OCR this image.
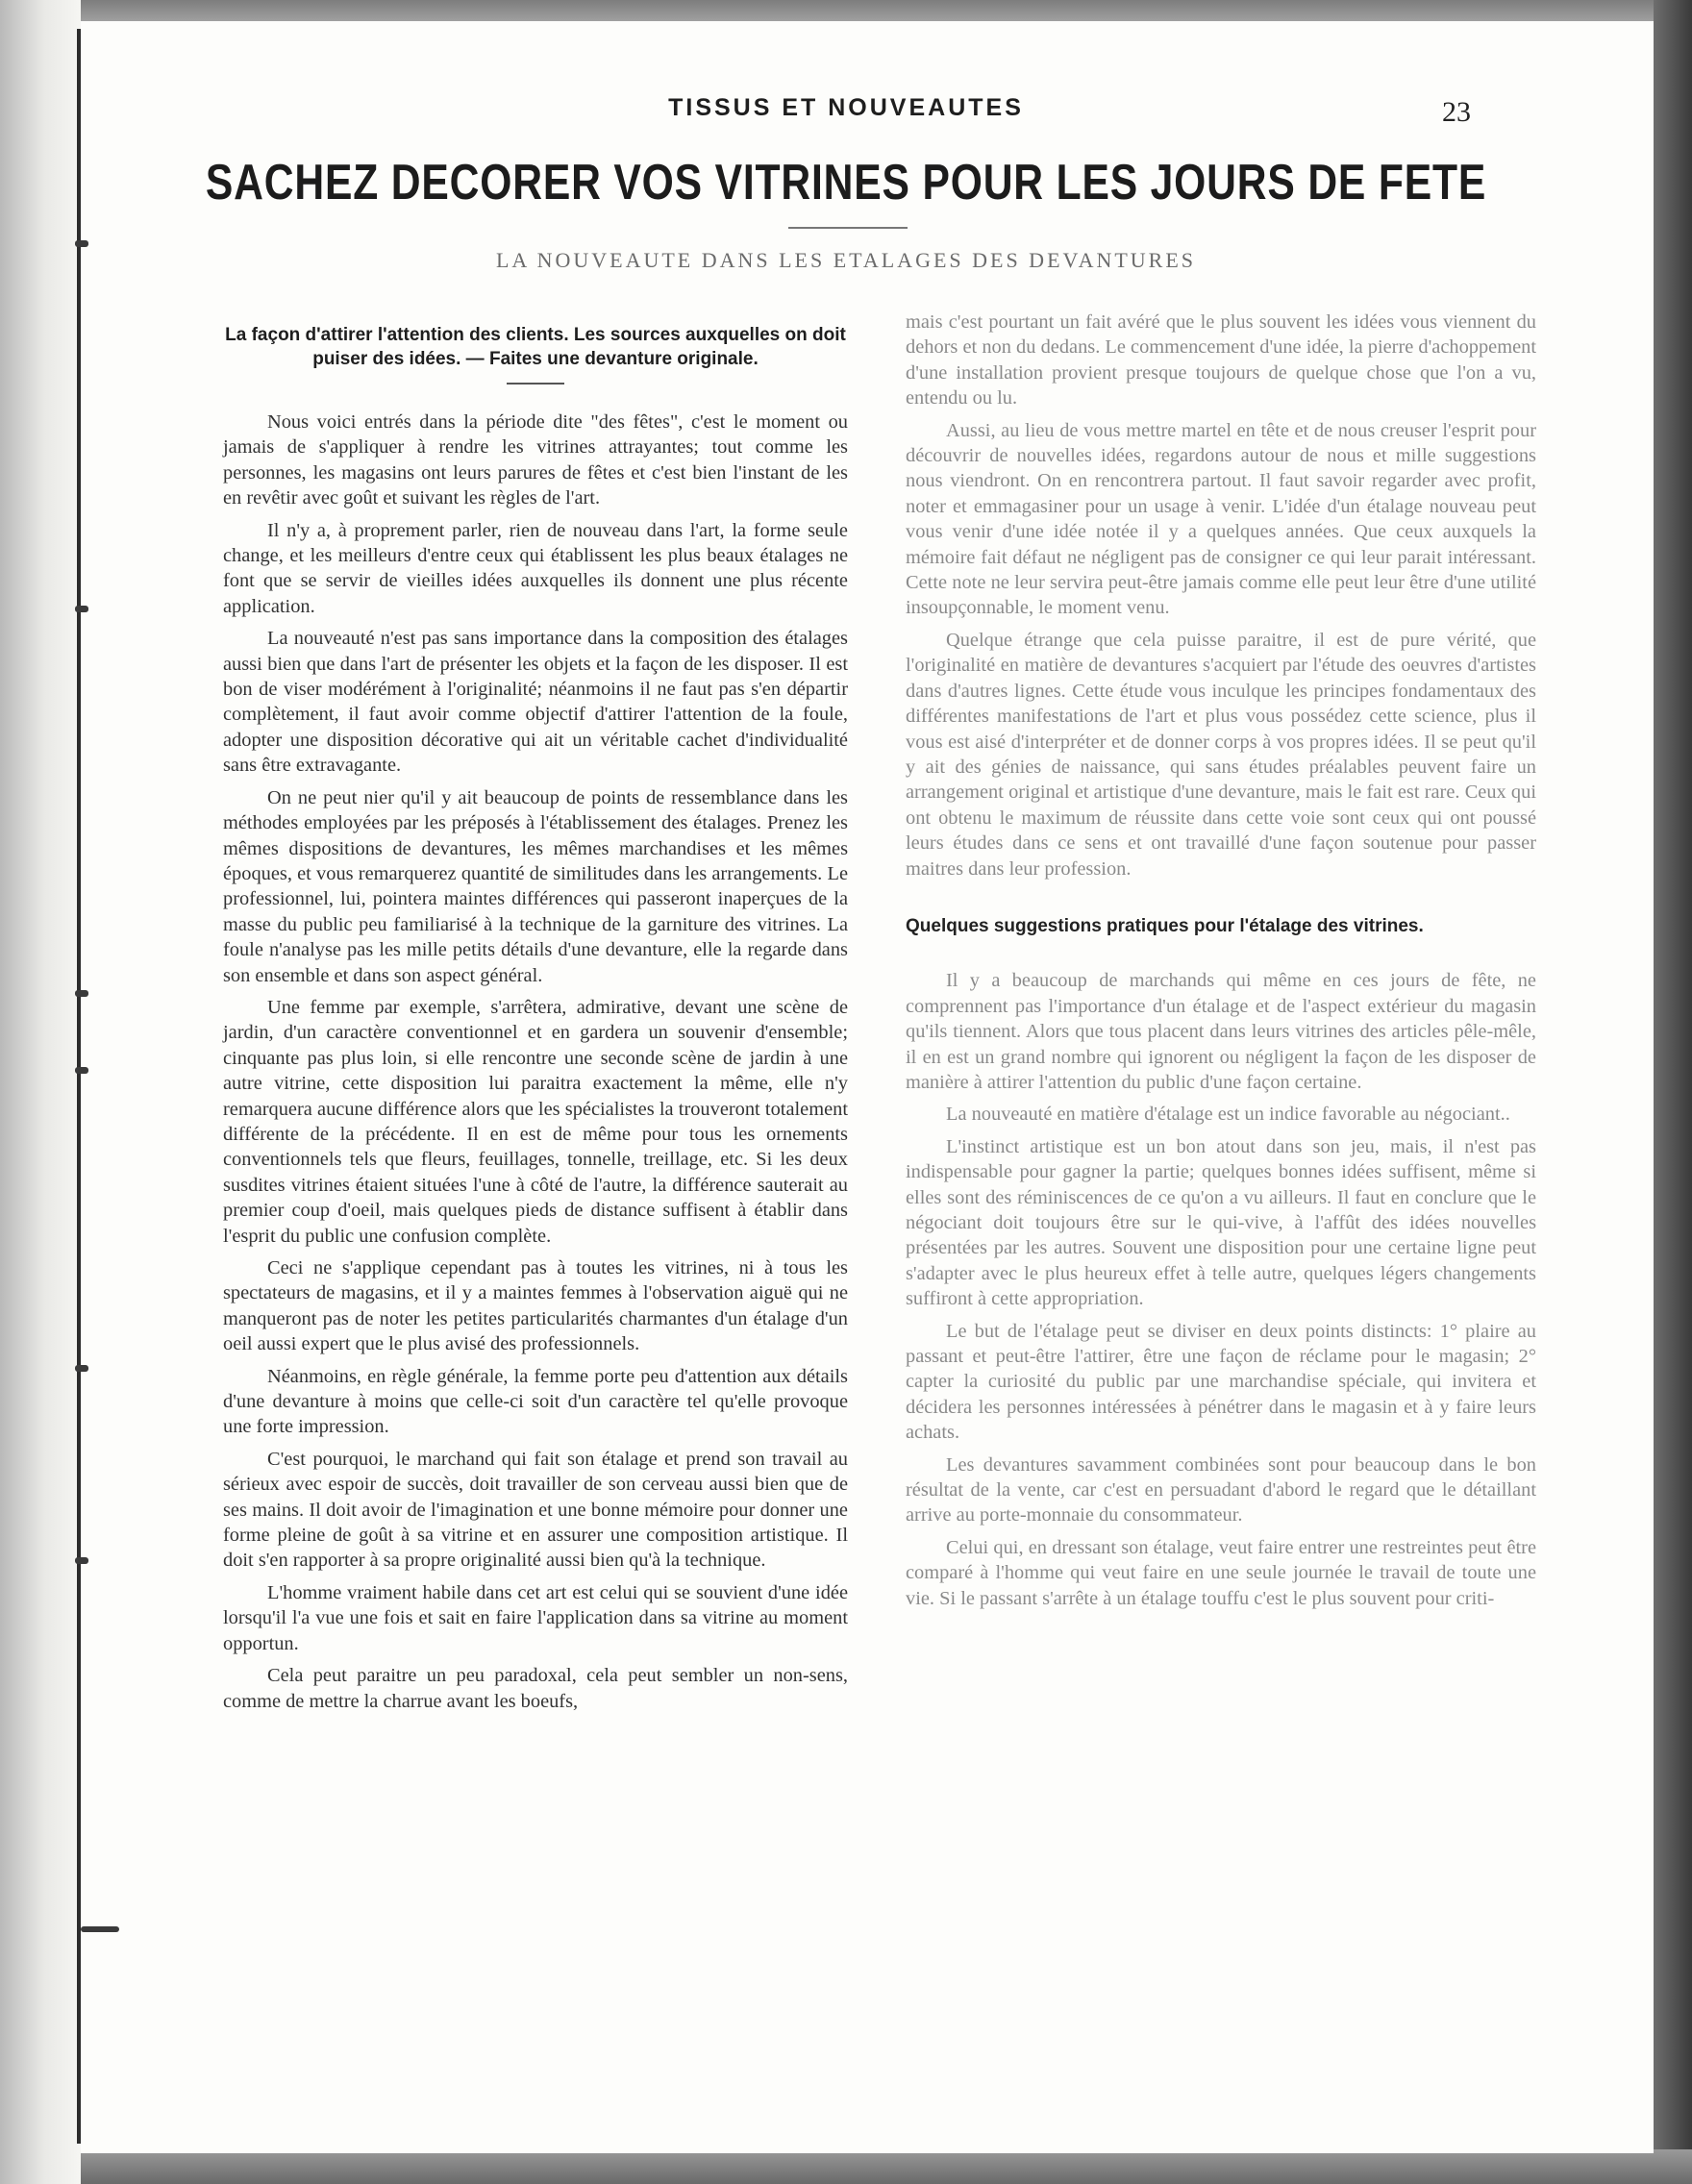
TISSUS ET NOUVEAUTES	23
SACHEZ DECORER VOS VITRINES POUR LES JOURS DE FETE
LA NOUVEAUTE DANS LES ETALAGES DES DEVANTURES
La façon d'attirer l'attention des clients. Les sources auxquelles on doit puiser des idées. — Faites une devanture originale.

Nous voici entrés dans la période dite "des fêtes", c'est le moment ou jamais de s'appliquer à rendre les vitrines attrayantes; tout comme les personnes, les magasins ont leurs parures de fêtes et c'est bien l'instant de les en revêtir avec goût et suivant les règles de l'art.

Il n'y a, à proprement parler, rien de nouveau dans l'art, la forme seule change, et les meilleurs d'entre ceux qui établissent les plus beaux étalages ne font que se servir de vieilles idées auxquelles ils donnent une plus récente application.

La nouveauté n'est pas sans importance dans la composition des étalages aussi bien que dans l'art de présenter les objets et la façon de les disposer. Il est bon de viser modérément à l'originalité; néanmoins il ne faut pas s'en départir complètement, il faut avoir comme objectif d'attirer l'attention de la foule, adopter une disposition décorative qui ait un véritable cachet d'individualité sans être extravagante.

On ne peut nier qu'il y ait beaucoup de points de ressemblance dans les méthodes employées par les préposés à l'établissement des étalages. Prenez les mêmes dispositions de devantures, les mêmes marchandises et les mêmes époques, et vous remarquerez quantité de similitudes dans les arrangements. Le professionnel, lui, pointera maintes différences qui passeront inaperçues de la masse du public peu familiarisé à la technique de la garniture des vitrines. La foule n'analyse pas les mille petits détails d'une devanture, elle la regarde dans son ensemble et dans son aspect général.

Une femme par exemple, s'arrêtera, admirative, devant une scène de jardin, d'un caractère conventionnel et en gardera un souvenir d'ensemble; cinquante pas plus loin, si elle rencontre une seconde scène de jardin à une autre vitrine, cette disposition lui paraitra exactement la même, elle n'y remarquera aucune différence alors que les spécialistes la trouveront totalement différente de la précédente. Il en est de même pour tous les ornements conventionnels tels que fleurs, feuillages, tonnelle, treillage, etc. Si les deux susdites vitrines étaient situées l'une à côté de l'autre, la différence sauterait au premier coup d'oeil, mais quelques pieds de distance suffisent à établir dans l'esprit du public une confusion complète.

Ceci ne s'applique cependant pas à toutes les vitrines, ni à tous les spectateurs de magasins, et il y a maintes femmes à l'observation aiguë qui ne manqueront pas de noter les petites particularités charmantes d'un étalage d'un oeil aussi expert que le plus avisé des professionnels.

Néanmoins, en règle générale, la femme porte peu d'attention aux détails d'une devanture à moins que celle-ci soit d'un caractère tel qu'elle provoque une forte impression.

C'est pourquoi, le marchand qui fait son étalage et prend son travail au sérieux avec espoir de succès, doit travailler de son cerveau aussi bien que de ses mains. Il doit avoir de l'imagination et une bonne mémoire pour donner une forme pleine de goût à sa vitrine et en assurer une composition artistique. Il doit s'en rapporter à sa propre originalité aussi bien qu'à la technique.

L'homme vraiment habile dans cet art est celui qui se souvient d'une idée lorsqu'il l'a vue une fois et sait en faire l'application dans sa vitrine au moment opportun.

Cela peut paraitre un peu paradoxal, cela peut sembler un non-sens, comme de mettre la charrue avant les boeufs,

mais c'est pourtant un fait avéré que le plus souvent les idées vous viennent du dehors et non du dedans. Le commencement d'une idée, la pierre d'achoppement d'une installation provient presque toujours de quelque chose que l'on a vu, entendu ou lu.

Aussi, au lieu de vous mettre martel en tête et de nous creuser l'esprit pour découvrir de nouvelles idées, regardons autour de nous et mille suggestions nous viendront. On en rencontrera partout. Il faut savoir regarder avec profit, noter et emmagasiner pour un usage à venir. L'idée d'un étalage nouveau peut vous venir d'une idée notée il y a quelques années. Que ceux auxquels la mémoire fait défaut ne négligent pas de consigner ce qui leur parait intéressant. Cette note ne leur servira peut-être jamais comme elle peut leur être d'une utilité insoupçonnable, le moment venu.

Quelque étrange que cela puisse paraitre, il est de pure vérité, que l'originalité en matière de devantures s'acquiert par l'étude des oeuvres d'artistes dans d'autres lignes. Cette étude vous inculque les principes fondamentaux des différentes manifestations de l'art et plus vous possédez cette science, plus il vous est aisé d'interpréter et de donner corps à vos propres idées. Il se peut qu'il y ait des génies de naissance, qui sans études préalables peuvent faire un arrangement original et artistique d'une devanture, mais le fait est rare. Ceux qui ont obtenu le maximum de réussite dans cette voie sont ceux qui ont poussé leurs études dans ce sens et ont travaillé d'une façon soutenue pour passer maitres dans leur profession.

Quelques suggestions pratiques pour l'étalage des vitrines.

Il y a beaucoup de marchands qui même en ces jours de fête, ne comprennent pas l'importance d'un étalage et de l'aspect extérieur du magasin qu'ils tiennent. Alors que tous placent dans leurs vitrines des articles pêle-mêle, il en est un grand nombre qui ignorent ou négligent la façon de les disposer de manière à attirer l'attention du public d'une façon certaine.

La nouveauté en matière d'étalage est un indice favorable au négociant..

L'instinct artistique est un bon atout dans son jeu, mais, il n'est pas indispensable pour gagner la partie; quelques bonnes idées suffisent, même si elles sont des réminiscences de ce qu'on a vu ailleurs. Il faut en conclure que le négociant doit toujours être sur le qui-vive, à l'affût des idées nouvelles présentées par les autres. Souvent une disposition pour une certaine ligne peut s'adapter avec le plus heureux effet à telle autre, quelques légers changements suffiront à cette appropriation.

Le but de l'étalage peut se diviser en deux points distincts: 1° plaire au passant et peut-être l'attirer, être une façon de réclame pour le magasin; 2° capter la curiosité du public par une marchandise spéciale, qui invitera et décidera les personnes intéressées à pénétrer dans le magasin et à y faire leurs achats.

Les devantures savamment combinées sont pour beaucoup dans le bon résultat de la vente, car c'est en persuadant d'abord le regard que le détaillant arrive au porte-monnaie du consommateur.

Celui qui, en dressant son étalage, veut faire entrer une restreintes peut être comparé à l'homme qui veut faire en une seule journée le travail de toute une vie. Si le passant s'arrête à un étalage touffu c'est le plus souvent pour criti-
